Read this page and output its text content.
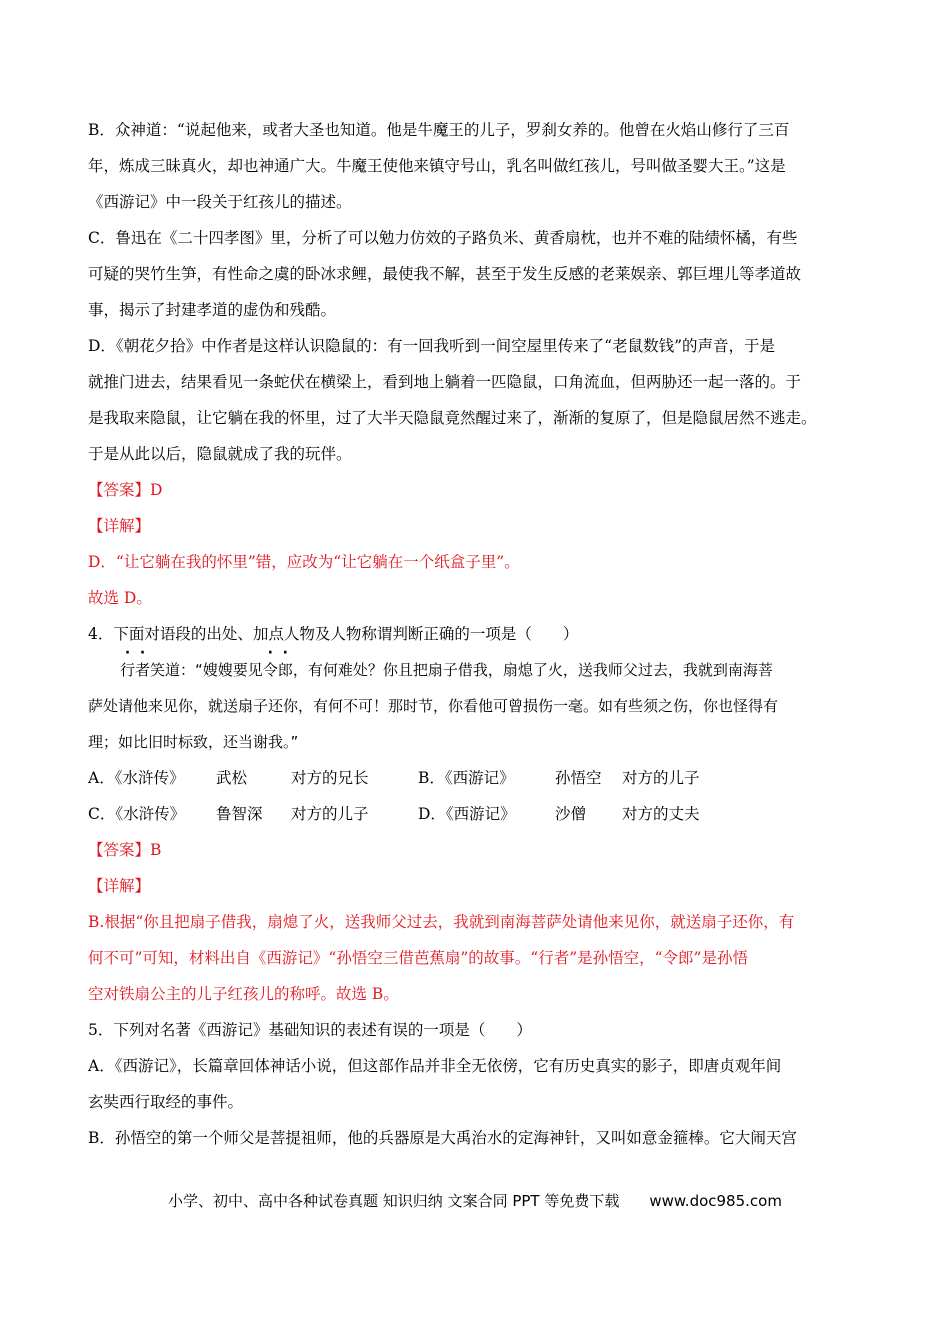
B．众神道：“说起他来，或者大圣也知道。他是牛魔王的儿子，罗刹女养的。他曾在火焰山修行了三百
年，炼成三昧真火，却也神通广大。牛魔王使他来镇守号山，乳名叫做红孩儿，号叫做圣婴大王。”这是
《西游记》中一段关于红孩儿的描述。
C．鲁迅在《二十四孝图》里，分析了可以勉力仿效的子路负米、黄香扇枕，也并不难的陆绩怀橘，有些
可疑的哭竹生笋，有性命之虞的卧冰求鲤，最使我不解，甚至于发生反感的老莱娱亲、郭巨埋儿等孝道故
事，揭示了封建孝道的虚伪和残酷。
D．《朝花夕拾》中作者是这样认识隐鼠的：有一回我听到一间空屋里传来了“老鼠数钱”的声音，于是
就推门进去，结果看见一条蛇伏在横梁上，看到地上躺着一匹隐鼠，口角流血，但两胁还一起一落的。于
是我取来隐鼠，让它躺在我的怀里，过了大半天隐鼠竟然醒过来了，渐渐的复原了，但是隐鼠居然不逃走。
于是从此以后，隐鼠就成了我的玩伴。
【答案】D
【详解】
D．“让它躺在我的怀里”错，应改为“让它躺在一个纸盒子里”。
故选 D。
4．下面对语段的出处、加点人物及人物称谓判断正确的一项是（　　）
行者笑道：“嫂嫂要见令郎，有何难处？你且把扇子借我，扇熄了火，送我师父过去，我就到南海菩
萨处请他来见你，就送扇子还你，有何不可！那时节，你看他可曾损伤一毫。如有些须之伤，你也怪得有
理；如比旧时标致，还当谢我。”
A．《水浒传》 武松	对方的兄长	B．《西游记》	孙悟空 对方的儿子
C．《水浒传》 鲁智深 对方的儿子	D．《西游记》	沙僧 对方的丈夫
【答案】B
【详解】
B.根据“你且把扇子借我，扇熄了火，送我师父过去，我就到南海菩萨处请他来见你，就送扇子还你，有
何不可”可知，材料出自《西游记》“孙悟空三借芭蕉扇”的故事。“行者”是孙悟空，“令郎”是孙悟
空对铁扇公主的儿子红孩儿的称呼。故选 B。
5．下列对名著《西游记》基础知识的表述有误的一项是（　　）
A．《西游记》，长篇章回体神话小说，但这部作品并非全无依傍，它有历史真实的影子，即唐贞观年间
玄奘西行取经的事件。
B．孙悟空的第一个师父是菩提祖师，他的兵器原是大禹治水的定海神针，又叫如意金箍棒。它大闹天宫
小学、初中、高中各种试卷真题 知识归纳 文案合同 PPT 等免费下载 www.doc985.com
